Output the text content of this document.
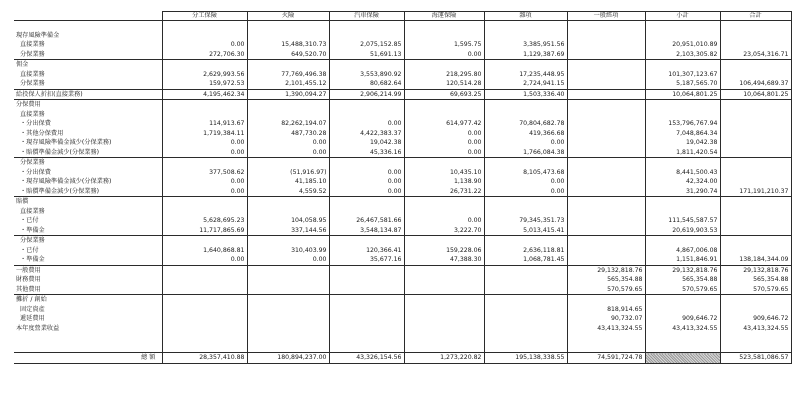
	分工保險	火險	汽車保險	海運保險	雜項	一般經項	小計	合計

現存風險準備金								
直接業務	0.00	15,488,310.73	2,075,152.85	1,595.75	3,385,951.56		20,951,010.89	
分保業務	272,706.30	649,520.70	51,691.13	0.00	1,129,387.69		2,103,305.82	23,054,316.71
佣金								
直接業務	2,629,993.56	77,769,496.38	3,553,890.92	218,295.80	17,235,448.95		101,307,123.67	
分保業務	159,972.53	2,101,455.12	80,682.64	120,514.28	2,724,941.15		5,187,565.70	106,494,689.37
給投保人折扣(直接業務)	4,195,462.34	1,390,094.27	2,906,214.99	69,693.25	1,503,336.40		10,064,801.25	10,064,801.25
分保費用								
直接業務								
・分出保費	114,913.67	82,262,194.07	0.00	614,977.42	70,804,682.78		153,796,767.94	
・其他分保費用	1,719,384.11	487,730.28	4,422,383.37	0.00	419,366.68		7,048,864.34	
・現存風險準備金減少(分保業務)	0.00	0.00	19,042.38	0.00	0.00		19,042.38	
・賠償準備金減少(分保業務)	0.00	0.00	45,336.16	0.00	1,766,084.38		1,811,420.54	
分保業務								
・分出保費	377,508.62	(51,916.97)	0.00	10,435.10	8,105,473.68		8,441,500.43	
・現存風險準備金減少(分保業務)	0.00	41,185.10	0.00	1,138.90	0.00		42,324.00	
・賠償準備金減少(分保業務)	0.00	4,559.52	0.00	26,731.22	0.00		31,290.74	171,191,210.37
賠償								
直接業務								
・已付	5,628,695.23	104,058.95	26,467,581.66	0.00	79,345,351.73		111,545,587.57	
・準備金	11,717,865.69	337,144.56	3,548,134.87	3,222.70	5,013,415.41		20,619,903.53	
分保業務								
・已付	1,640,868.81	310,403.99	120,366.41	159,228.06	2,636,118.81		4,867,006.08	
・準備金	0.00	0.00	35,677.16	47,388.30	1,068,781.45		1,151,846.91	138,184,344.09
一般費用						29,132,818.76	29,132,818.76	29,132,818.76
財務費用						565,354.88	565,354.88	565,354.88
其他費用						570,579.65	570,579.65	570,579.65
攤折 / 創始								
固定資產						818,914.65		
遞延費用						90,732.07	909,646.72	909,646.72
本年度營業收益						43,413,324.55	43,413,324.55	43,413,324.55

總 額	28,357,410.88	180,894,237.00	43,326,154.56	1,273,220.82	195,138,338.55	74,591,724.78		523,581,086.57
